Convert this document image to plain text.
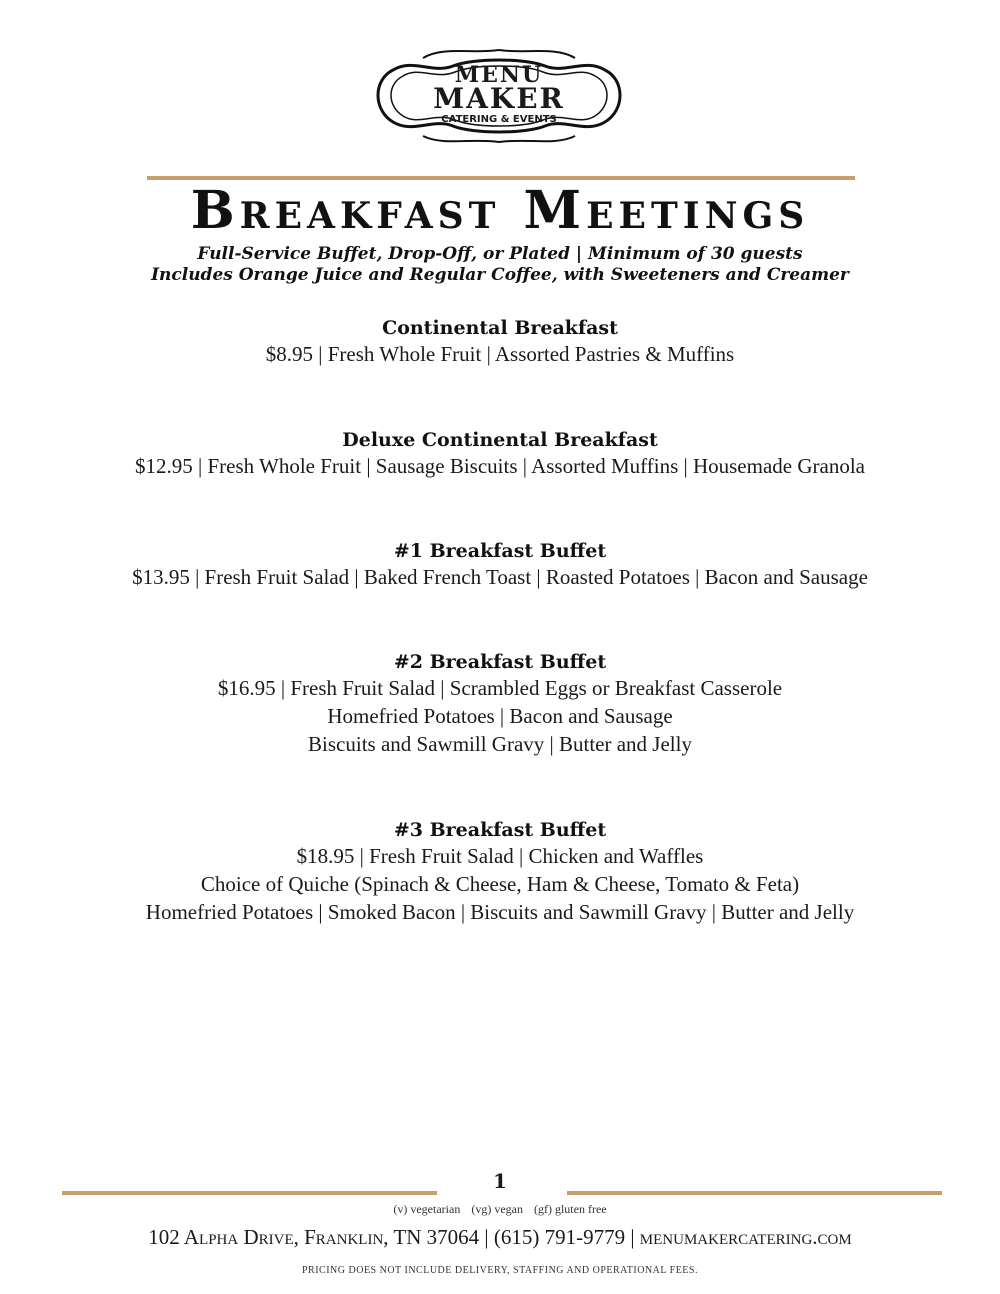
MENU
MAKER
CATERING & EVENTS
Breakfast Meetings
Full-Service Buffet, Drop-Off, or Plated | Minimum of 30 guests
Includes Orange Juice and Regular Coffee, with Sweeteners and Creamer
Continental Breakfast
$8.95 | Fresh Whole Fruit | Assorted Pastries & Muffins
Deluxe Continental Breakfast
$12.95 | Fresh Whole Fruit | Sausage Biscuits | Assorted Muffins | Housemade Granola
#1 Breakfast Buffet
$13.95 | Fresh Fruit Salad | Baked French Toast | Roasted Potatoes | Bacon and Sausage
#2 Breakfast Buffet
$16.95 | Fresh Fruit Salad | Scrambled Eggs or Breakfast Casserole
Homefried Potatoes | Bacon and Sausage
Biscuits and Sawmill Gravy | Butter and Jelly
#3 Breakfast Buffet
$18.95 | Fresh Fruit Salad | Chicken and Waffles
Choice of Quiche (Spinach & Cheese, Ham & Cheese, Tomato & Feta)
Homefried Potatoes | Smoked Bacon | Biscuits and Sawmill Gravy | Butter and Jelly
1
(v) vegetarian (vg) vegan (gf) gluten free
102 Alpha Drive, Franklin, TN 37064 | (615) 791-9779 | menumakercatering.com
PRICING DOES NOT INCLUDE DELIVERY, STAFFING AND OPERATIONAL FEES.
